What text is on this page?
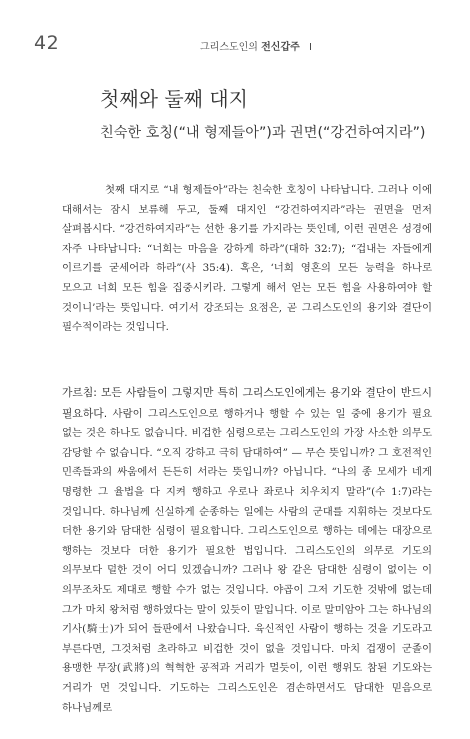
42	그리스도인의 전신갑주 Ⅰ
첫째와 둘째 대지
친숙한 호칭(“내 형제들아”)과 권면(“강건하여지라”)

첫째 대지로 “내 형제들아”라는 친숙한 호칭이 나타납니다. 그러나 이에 대해서는 잠시 보류해 두고, 둘째 대지인 “강건하여지라”라는 권면을 먼저 살펴봅시다. “강건하여지라”는 선한 용기를 가지라는 뜻인데, 이런 권면은 성경에 자주 나타납니다: “너희는 마음을 강하게 하라”(대하 32:7); “겁내는 자들에게 이르기를 굳세어라 하라”(사 35:4). 혹은, ‘너희 영혼의 모든 능력을 하나로 모으고 너희 모든 힘을 집중시키라. 그렇게 해서 얻는 모든 힘을 사용하여야 할 것이니’라는 뜻입니다. 여기서 강조되는 요점은, 곧 그리스도인의 용기와 결단이 필수적이라는 것입니다.

가르침: 모든 사람들이 그렇지만 특히 그리스도인에게는 용기와 결단이 반드시 필요하다. 사람이 그리스도인으로 행하거나 행할 수 있는 일 중에 용기가 필요 없는 것은 하나도 없습니다. 비겁한 심령으로는 그리스도인의 가장 사소한 의무도 감당할 수 없습니다. “오직 강하고 극히 담대하여” — 무슨 뜻입니까? 그 호전적인 민족들과의 싸움에서 든든히 서라는 뜻입니까? 아닙니다. “나의 종 모세가 네게 명령한 그 율법을 다 지켜 행하고 우로나 좌로나 치우치지 말라”(수 1:7)라는 것입니다. 하나님께 신실하게 순종하는 일에는 사람의 군대를 지휘하는 것보다도 더한 용기와 담대한 심령이 필요합니다. 그리스도인으로 행하는 데에는 대장으로 행하는 것보다 더한 용기가 필요한 법입니다. 그리스도인의 의무로 기도의 의무보다 덜한 것이 어디 있겠습니까? 그러나 왕 같은 담대한 심령이 없이는 이 의무조차도 제대로 행할 수가 없는 것입니다. 야곱이 그저 기도한 것밖에 없는데 그가 마치 왕처럼 행하였다는 말이 있듯이 말입니다. 이로 말미암아 그는 하나님의 기사(騎士)가 되어 들판에서 나왔습니다. 육신적인 사람이 행하는 것을 기도라고 부른다면, 그것처럼 초라하고 비겁한 것이 없을 것입니다. 마치 겁쟁이 군졸이 용맹한 무장(武將)의 혁혁한 공적과 거리가 멀듯이, 이런 행위도 참된 기도와는 거리가 먼 것입니다. 기도하는 그리스도인은 겸손하면서도 담대한 믿음으로 하나님께로
